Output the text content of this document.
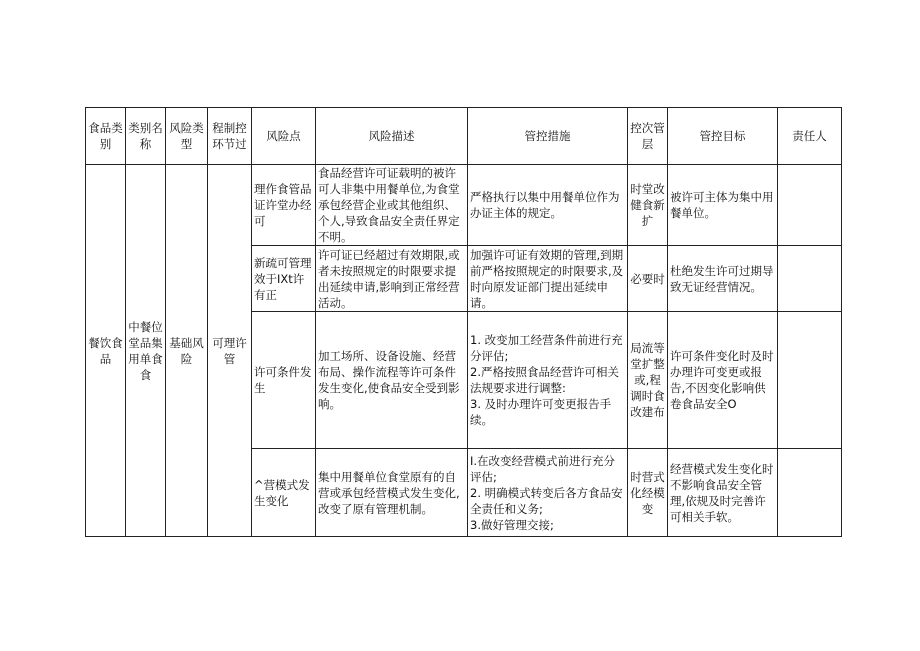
食品类别	类别名称	风险类型	程制控环节过	风险点	风险描述	管控措施	控次管层	管控目标	责任人
餐饮食品	中餐位堂品集用单食食	基础风险	可理许管	理作食管品证许堂办经可	食品经营许可证载明的被许可人非集中用餐单位,为食堂承包经营企业或其他组织、个人,导致食品安全责任界定不明。	严格执行以集中用餐单位作为办证主体的规定。	时堂改健食新扩	被许可主体为集中用餐单位。	
				新疏可管理效于IXt许有正	许可证已经超过有效期限,或者未按照规定的时限要求提出延续申请,影响到正常经营活动。	加强许可证有效期的管理,到期前严格按照规定的时限要求,及时向原发证部门提出延续申请。	必要时	杜绝发生许可过期导致无证经营情况。	
				许可条件发生	加工场所、设备设施、经营布局、操作流程等许可条件发生变化,使食品安全受到影响。	1. 改变加工经营条件前进行充分评估;
2.严格按照食品经营许可相关法规要求进行调整:
3. 及时办理许可变更报告手续。	局流等堂扩整或,程调时食改建布	许可条件变化时及时办理许可变更或报告,不因变化影响供卷食品安全O	
				^营模式发生变化	集中用餐单位食堂原有的自营或承包经营模式发生变化,改变了原有管理机制。	I.在改变经营模式前进行充分评估;
2. 明确模式转变后各方食品安全责任和义务;
3.做好管理交接;	时营式化经模变	经营模式发生变化时不影响食品安全管理,依规及时完善许可相关手软。	
